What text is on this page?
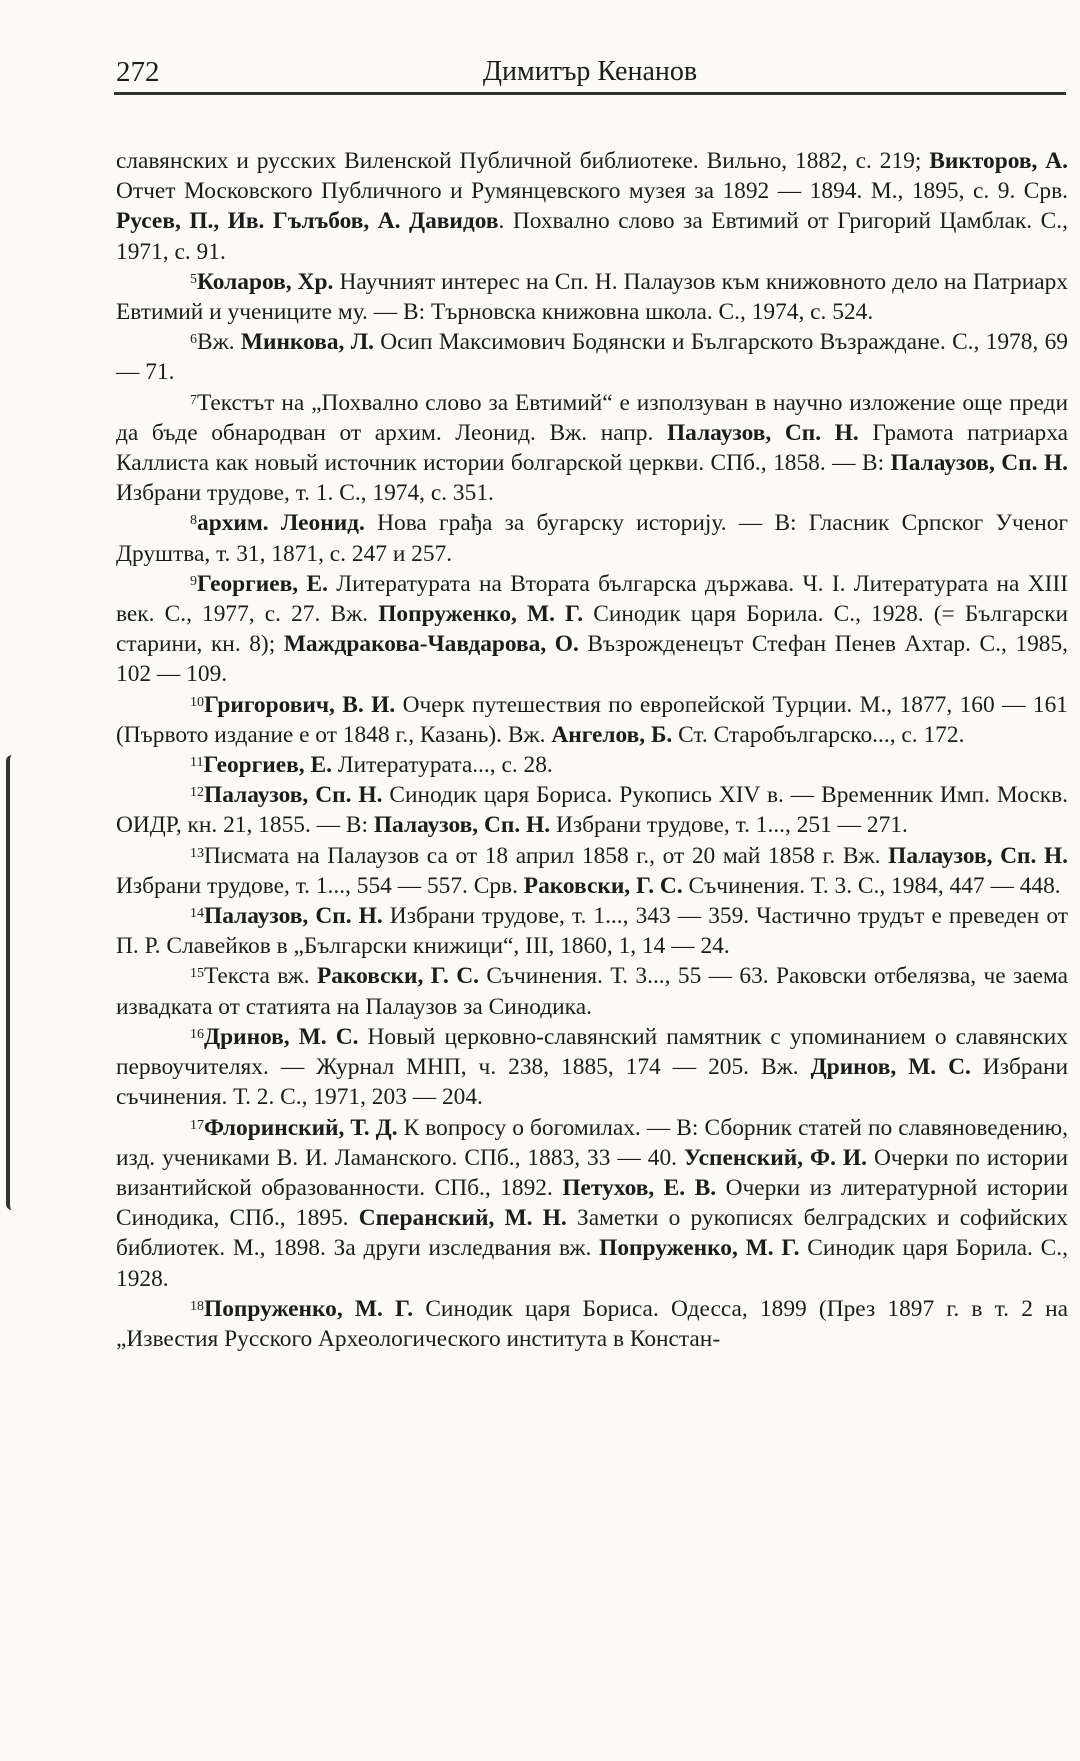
272	Димитър Кенанов

славянских и русских Виленской Публичной библиотеке. Вильно, 1882, с. 219; Викторов, А. Отчет Московского Публичного и Румянцевского музея за 1892 — 1894. М., 1895, с. 9. Срв. Русев, П., Ив. Гълъбов, А. Давидов. Похвално слово за Евтимий от Григорий Цамблак. С., 1971, с. 91.

$^5$Коларов, Хр. Научният интерес на Сп. Н. Палаузов към книжовното дело на Патриарх Евтимий и учениците му. — В: Търновска книжовна школа. С., 1974, с. 524.

$^6$Вж. Минкова, Л. Осип Максимович Бодянски и Българското Възраждане. С., 1978, 69 — 71.

$^7$Текстът на „Похвално слово за Евтимий“ е използуван в научно изложение още преди да бъде обнародван от архим. Леонид. Вж. напр. Палаузов, Сп. Н. Грамота патриарха Каллиста как новый источник истории болгарской церкви. СПб., 1858. — В: Палаузов, Сп. Н. Избрани трудове, т. 1. С., 1974, с. 351.

$^8$архим. Леонид. Нова грађа за бугарску историју. — В: Гласник Српског Ученог Друштва, т. 31, 1871, с. 247 и 257.

$^9$Георгиев, Е. Литературата на Втората българска държава. Ч. I. Литературата на XIII век. С., 1977, с. 27. Вж. Попруженко, М. Г. Синодик царя Борила. С., 1928. (= Български старини, кн. 8); Маждракова-Чавдарова, О. Възрожденецът Стефан Пенев Ахтар. С., 1985, 102 — 109.

$^{10}$Григорович, В. И. Очерк путешествия по европейской Турции. М., 1877, 160 — 161 (Първото издание е от 1848 г., Казань). Вж. Ангелов, Б. Ст. Старобългарско..., с. 172.

$^{11}$Георгиев, Е. Литературата..., с. 28.

$^{12}$Палаузов, Сп. Н. Синодик царя Бориса. Рукопись XIV в. — Временник Имп. Москв. ОИДР, кн. 21, 1855. — В: Палаузов, Сп. Н. Избрани трудове, т. 1..., 251 — 271.

$^{13}$Писмата на Палаузов са от 18 април 1858 г., от 20 май 1858 г. Вж. Палаузов, Сп. Н. Избрани трудове, т. 1..., 554 — 557. Срв. Раковски, Г. С. Съчинения. Т. 3. С., 1984, 447 — 448.

$^{14}$Палаузов, Сп. Н. Избрани трудове, т. 1..., 343 — 359. Частично трудът е преведен от П. Р. Славейков в „Български книжици“, III, 1860, 1, 14 — 24.

$^{15}$Текста вж. Раковски, Г. С. Съчинения. Т. 3..., 55 — 63. Раковски отбелязва, че заема извадката от статията на Палаузов за Синодика.

$^{16}$Дринов, М. С. Новый церковно-славянский памятник с упоминанием о славянских первоучителях. — Журнал МНП, ч. 238, 1885, 174 — 205. Вж. Дринов, М. С. Избрани съчинения. Т. 2. С., 1971, 203 — 204.

$^{17}$Флоринский, Т. Д. К вопросу о богомилах. — В: Сборник статей по славяноведению, изд. учениками В. И. Ламанского. СПб., 1883, 33 — 40. Успенский, Ф. И. Очерки по истории византийской образованности. СПб., 1892. Петухов, Е. В. Очерки из литературной истории Синодика, СПб., 1895. Сперанский, М. Н. Заметки о рукописях белградских и софийских библиотек. М., 1898. За други изследвания вж. Попруженко, М. Г. Синодик царя Борила. С., 1928.

$^{18}$Попруженко, М. Г. Синодик царя Бориса. Одесса, 1899 (През 1897 г. в т. 2 на „Известия Русского Археологического института в Констан-
